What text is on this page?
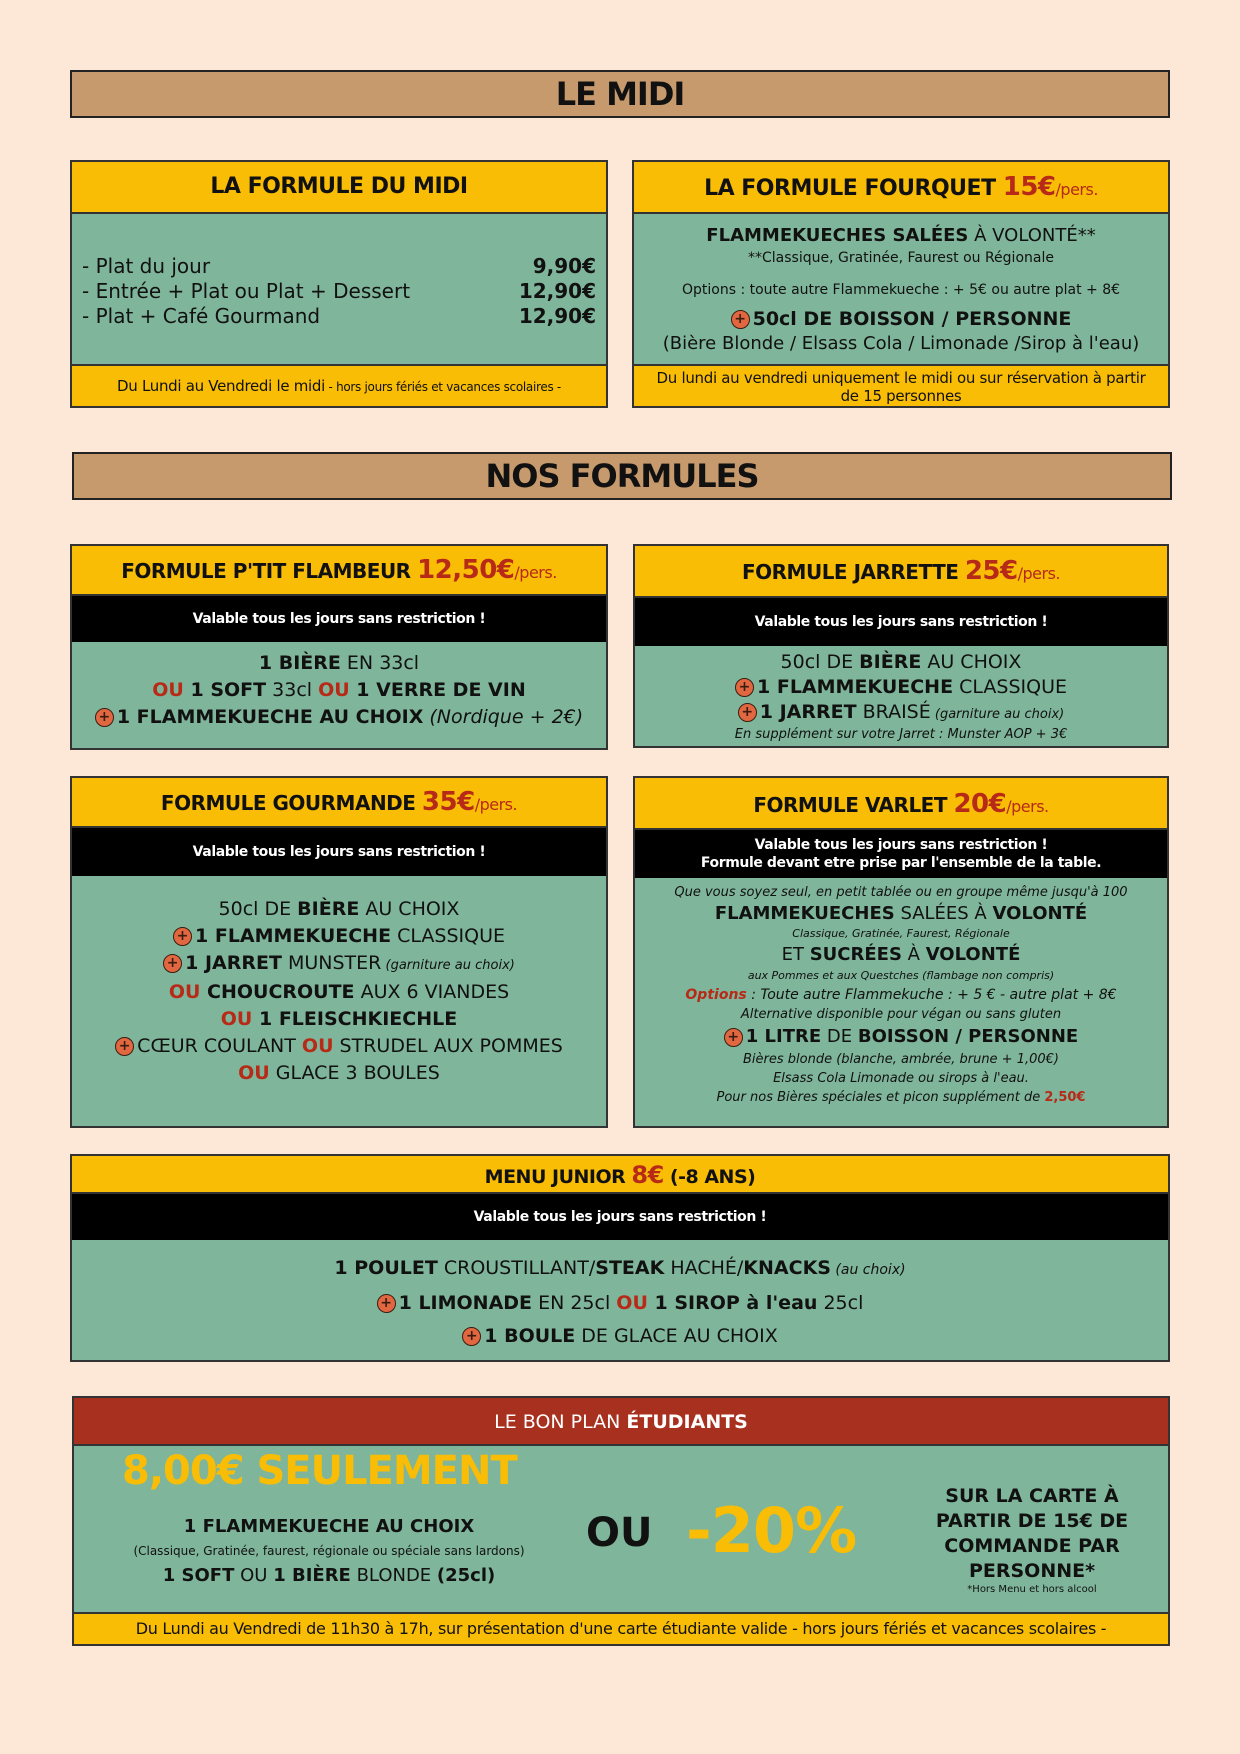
LE MIDI
LA FORMULE DU MIDI
- Plat du jour	9,90€
- Entrée + Plat ou Plat + Dessert	12,90€
- Plat + Café Gourmand	12,90€
Du Lundi au Vendredi le midi - hors jours fériés et vacances scolaires -
LA FORMULE FOURQUET 15€/pers.
FLAMMEKUECHES SALÉES À VOLONTÉ**
**Classique, Gratinée, Faurest ou Régionale
Options : toute autre Flammekueche : + 5€ ou autre plat + 8€
+ 50cl DE BOISSON / PERSONNE
(Bière Blonde / Elsass Cola / Limonade /Sirop à l'eau)
Du lundi au vendredi uniquement le midi ou sur réservation à partir de 15 personnes
NOS FORMULES
FORMULE P'TIT FLAMBEUR 12,50€/pers.
Valable tous les jours sans restriction !
1 BIÈRE EN 33cl
OU 1 SOFT 33cl OU 1 VERRE DE VIN
+ 1 FLAMMEKUECHE AU CHOIX (Nordique + 2€)
FORMULE JARRETTE 25€/pers.
Valable tous les jours sans restriction !
50cl DE BIÈRE AU CHOIX
+ 1 FLAMMEKUECHE CLASSIQUE
+ 1 JARRET BRAISÉ (garniture au choix)
En supplément sur votre Jarret : Munster AOP + 3€
FORMULE GOURMANDE 35€/pers.
Valable tous les jours sans restriction !
50cl DE BIÈRE AU CHOIX
+ 1 FLAMMEKUECHE CLASSIQUE
+ 1 JARRET MUNSTER (garniture au choix)
OU CHOUCROUTE AUX 6 VIANDES
OU 1 FLEISCHKIECHLE
+ CŒUR COULANT OU STRUDEL AUX POMMES
OU GLACE 3 BOULES
FORMULE VARLET 20€/pers.
Valable tous les jours sans restriction !
Formule devant etre prise par l'ensemble de la table.
Que vous soyez seul, en petit tablée ou en groupe même jusqu'à 100
FLAMMEKUECHES SALÉES À VOLONTÉ
Classique, Gratinée, Faurest, Régionale
ET SUCRÉES À VOLONTÉ
aux Pommes et aux Questches (flambage non compris)
Options : Toute autre Flammekuche : + 5 € - autre plat + 8€
Alternative disponible pour végan ou sans gluten
+ 1 LITRE DE BOISSON / PERSONNE
Bières blonde (blanche, ambrée, brune + 1,00€)
Elsass Cola Limonade ou sirops à l'eau.
Pour nos Bières spéciales et picon supplément de 2,50€
MENU JUNIOR 8€ (-8 ANS)
Valable tous les jours sans restriction !
1 POULET CROUSTILLANT/STEAK HACHÉ/KNACKS (au choix)
+ 1 LIMONADE EN 25cl OU 1 SIROP à l'eau 25cl
+ 1 BOULE DE GLACE AU CHOIX
LE BON PLAN ÉTUDIANTS
8,00€ SEULEMENT
1 FLAMMEKUECHE AU CHOIX
(Classique, Gratinée, faurest, régionale ou spéciale sans lardons)
1 SOFT OU 1 BIÈRE BLONDE (25cl)
OU -20%	SUR LA CARTE À PARTIR DE 15€ DE COMMANDE PAR PERSONNE*
*Hors Menu et hors alcool
Du Lundi au Vendredi de 11h30 à 17h, sur présentation d'une carte étudiante valide - hors jours fériés et vacances scolaires -
